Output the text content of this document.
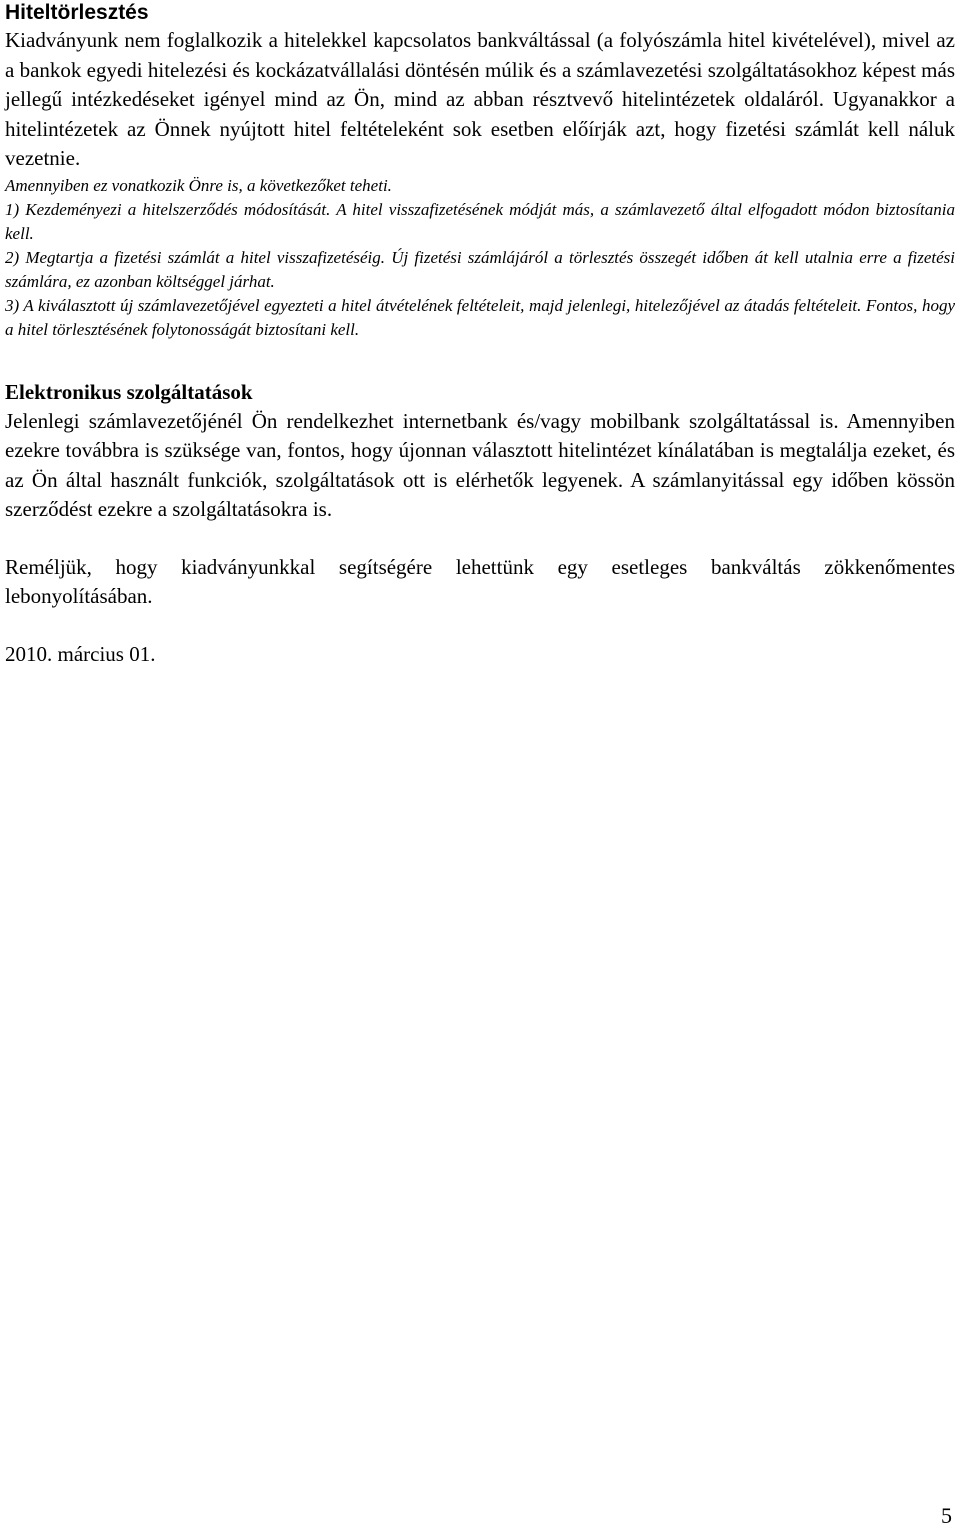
Hiteltörlesztés

Kiadványunk nem foglalkozik a hitelekkel kapcsolatos bankváltással (a folyószámla hitel kivételével), mivel az a bankok egyedi hitelezési és kockázatvállalási döntésén múlik és a számlavezetési szolgáltatásokhoz képest más jellegű intézkedéseket igényel mind az Ön, mind az abban résztvevő hitelintézetek oldaláról. Ugyanakkor a hitelintézetek az Önnek nyújtott hitel feltételeként sok esetben előírják azt, hogy fizetési számlát kell náluk vezetnie.

Amennyiben ez vonatkozik Önre is, a következőket teheti.

1) Kezdeményezi a hitelszerződés módosítását. A hitel visszafizetésének módját más, a számlavezető által elfogadott módon biztosítania kell.

2) Megtartja a fizetési számlát a hitel visszafizetéséig. Új fizetési számlájáról a törlesztés összegét időben át kell utalnia erre a fizetési számlára, ez azonban költséggel járhat.

3) A kiválasztott új számlavezetőjével egyezteti a hitel átvételének feltételeit, majd jelenlegi, hitelezőjével az átadás feltételeit. Fontos, hogy a hitel törlesztésének folytonosságát biztosítani kell.

Elektronikus szolgáltatások

Jelenlegi számlavezetőjénél Ön rendelkezhet internetbank és/vagy mobilbank szolgáltatással is. Amennyiben ezekre továbbra is szüksége van, fontos, hogy újonnan választott hitelintézet kínálatában is megtalálja ezeket, és az Ön által használt funkciók, szolgáltatások ott is elérhetők legyenek. A számlanyitással egy időben kössön szerződést ezekre a szolgáltatásokra is.

Reméljük, hogy kiadványunkkal segítségére lehettünk egy esetleges bankváltás zökkenőmentes lebonyolításában.

2010. március 01.

5
